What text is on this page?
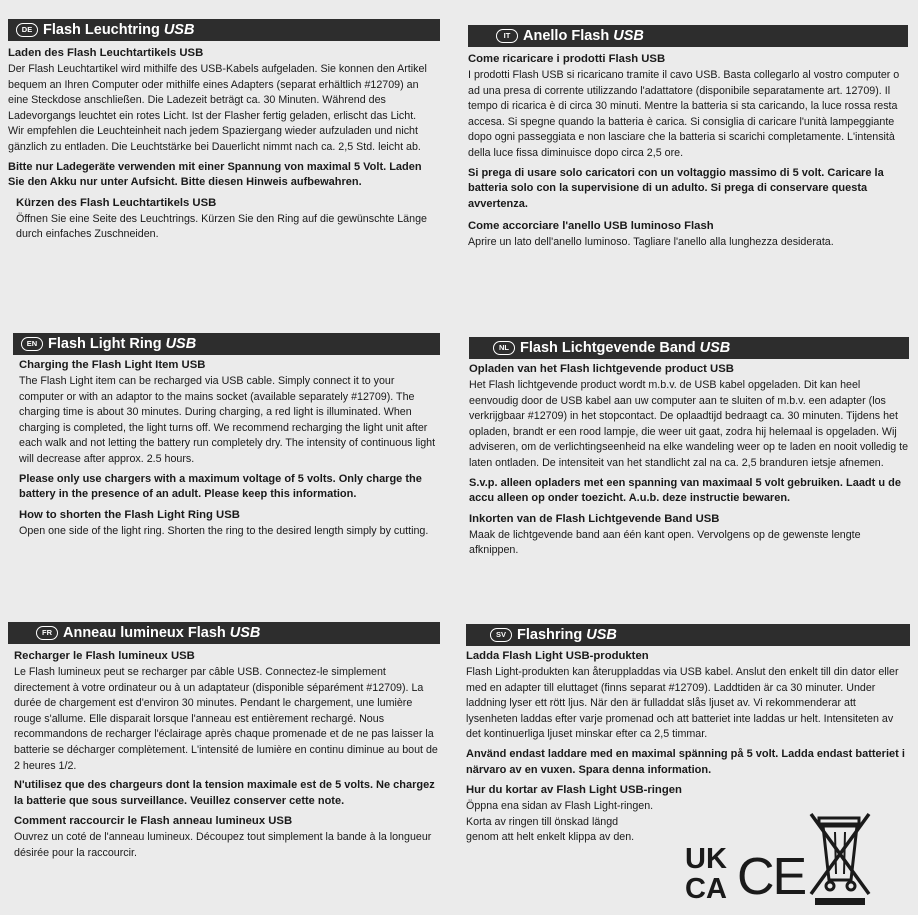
DE Flash Leuchtring USB
Laden des Flash Leuchtartikels USB
Der Flash Leuchtartikel wird mithilfe des USB-Kabels aufgeladen. Sie konnen den Artikel bequem an Ihren Computer oder mithilfe eines Adapters (separat erhältlich #12709) an eine Steckdose anschließen. Die Ladezeit beträgt ca. 30 Minuten. Während des Ladevorgangs leuchtet ein rotes Licht. Ist der Flasher fertig geladen, erlischt das Licht.
Wir empfehlen die Leuchteinheit nach jedem Spaziergang wieder aufzuladen und nicht gänzlich zu entladen. Die Leuchtstärke bei Dauerlicht nimmt nach ca. 2,5 Std. leicht ab.
Bitte nur Ladegeräte verwenden mit einer Spannung von maximal 5 Volt. Laden Sie den Akku nur unter Aufsicht. Bitte diesen Hinweis aufbewahren.
Kürzen des Flash Leuchtartikels USB
Öffnen Sie eine Seite des Leuchtrings. Kürzen Sie den Ring auf die gewünschte Länge durch einfaches Zuschneiden.
IT Anello Flash USB
Come ricaricare i prodotti Flash USB
I prodotti Flash USB si ricaricano tramite il cavo USB. Basta collegarlo al vostro computer o ad una presa di corrente utilizzando l'adattatore (disponibile separatamente art. 12709). Il tempo di ricarica è di circa 30 minuti. Mentre la batteria si sta caricando, la luce rossa resta accesa. Si spegne quando la batteria è carica. Si consiglia di caricare l'unità lampeggiante dopo ogni passeggiata e non lasciare che la batteria si scarichi completamente. L'intensità della luce fissa diminuisce dopo circa 2,5 ore.
Si prega di usare solo caricatori con un voltaggio massimo di 5 volt. Caricare la batteria solo con la supervisione di un adulto. Si prega di conservare questa avvertenza.
Come accorciare l'anello USB luminoso Flash
Aprire un lato dell'anello luminoso. Tagliare l'anello alla lunghezza desiderata.
EN Flash Light Ring USB
Charging the Flash Light Item USB
The Flash Light item can be recharged via USB cable. Simply connect it to your computer or with an adaptor to the mains socket (available separately #12709). The charging time is about 30 minutes. During charging, a red light is illuminated. When charging is completed, the light turns off. We recommend recharging the light unit after each walk and not letting the battery run completely dry. The intensity of continuous light will decrease after approx. 2.5 hours.
Please only use chargers with a maximum voltage of 5 volts. Only charge the battery in the presence of an adult. Please keep this information.
How to shorten the Flash Light Ring USB
Open one side of the light ring. Shorten the ring to the desired length simply by cutting.
NL Flash Lichtgevende Band USB
Opladen van het Flash lichtgevende product USB
Het Flash lichtgevende product wordt m.b.v. de USB kabel opgeladen. Dit kan heel eenvoudig door de USB kabel aan uw computer aan te sluiten of m.b.v. een adapter (los verkrijgbaar #12709) in het stopcontact. De oplaadtijd bedraagt ca. 30 minuten. Tijdens het opladen, brandt er een rood lampje, die weer uit gaat, zodra hij helemaal is opgeladen. Wij adviseren, om de verlichtingseenheid na elke wandeling weer op te laden en nooit volledig te laten ontladen. De intensiteit van het standlicht zal na ca. 2,5 branduren ietsje afnemen.
S.v.p. alleen opladers met een spanning van maximaal 5 volt gebruiken. Laadt u de accu alleen op onder toezicht. A.u.b. deze instructie bewaren.
Inkorten van de Flash Lichtgevende Band USB
Maak de lichtgevende band aan één kant open. Vervolgens op de gewenste lengte afknippen.
FR Anneau lumineux Flash USB
Recharger le Flash lumineux USB
Le Flash lumineux peut se recharger par câble USB. Connectez-le simplement directement à votre ordinateur ou à un adaptateur (disponible séparément #12709). La durée de chargement est d'environ 30 minutes. Pendant le chargement, une lumière rouge s'allume. Elle disparait lorsque l'anneau est entièrement rechargé. Nous recommandons de recharger l'éclairage après chaque promenade et de ne pas laisser la batterie se décharger complètement. L'intensité de lumière en continu diminue au bout de 2 heures 1/2.
N'utilisez que des chargeurs dont la tension maximale est de 5 volts. Ne chargez la batterie que sous surveillance. Veuillez conserver cette note.
Comment raccourcir le Flash anneau lumineux USB
Ouvrez un coté de l'anneau lumineux. Découpez tout simplement la bande à la longueur désirée pour la raccourcir.
SV Flashring USB
Ladda Flash Light USB-produkten
Flash Light-produkten kan återuppladdas via USB kabel. Anslut den enkelt till din dator eller med en adapter till eluttaget (finns separat #12709). Laddtiden är ca 30 minuter. Under laddning lyser ett rött ljus. När den är fulladdat slås ljuset av. Vi rekommenderar att lysenheten laddas efter varje promenad och att batteriet inte laddas ur helt. Intensiteten av det kontinuerliga ljuset minskar efter ca 2,5 timmar.
Använd endast laddare med en maximal spänning på 5 volt. Ladda endast batteriet i närvaro av en vuxen. Spara denna information.
Hur du kortar av Flash Light USB-ringen
Öppna ena sidan av Flash Light-ringen.
Korta av ringen till önskad längd
genom att helt enkelt klippa av den.
UK
CA CE
